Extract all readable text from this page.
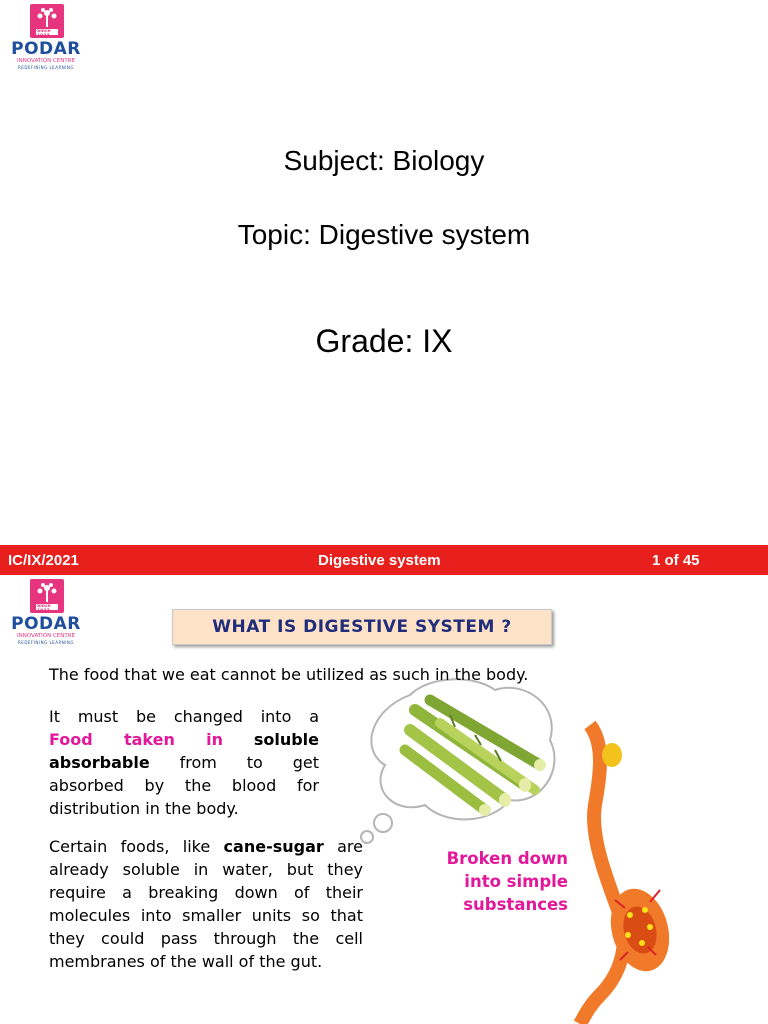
Since 1927
PODAR
INNOVATION CENTRE
REDEFINING LEARNING
Subject: Biology
Topic: Digestive system
Grade: IX
IC/IX/2021	Digestive system	1 of 45
Since 1927
PODAR
INNOVATION CENTRE
REDEFINING LEARNING
WHAT IS DIGESTIVE SYSTEM ?
The food that we eat cannot be utilized as such in the body.
It must be changed into a Food taken in soluble absorbable from to get absorbed by the blood for distribution in the body.
Certain foods, like cane-sugar are already soluble in water, but they require a breaking down of their molecules into smaller units so that they could pass through the cell membranes of the wall of the gut.
Broken down
into simple
substances
